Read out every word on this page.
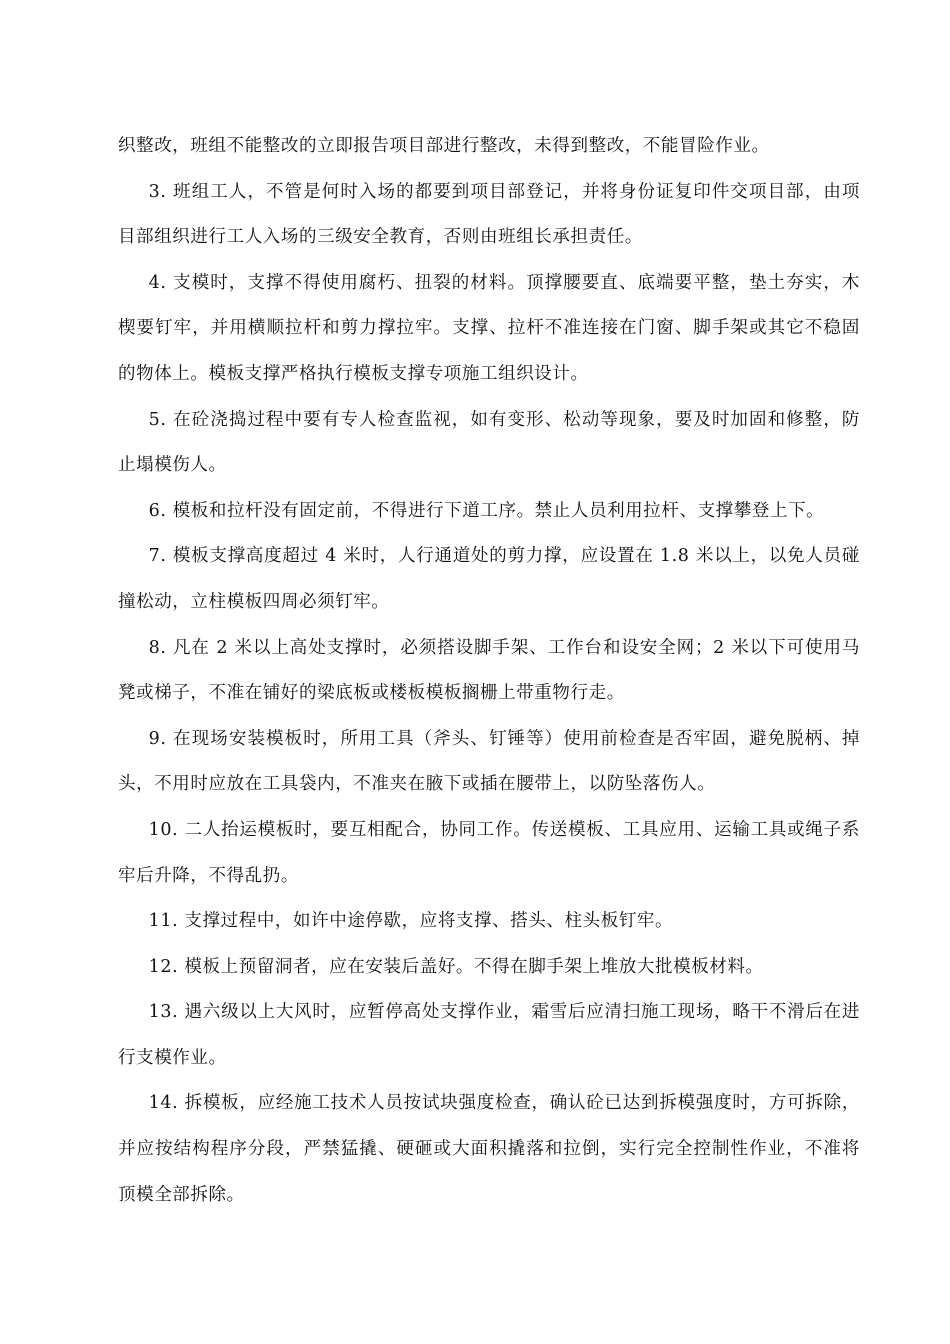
织整改，班组不能整改的立即报告项目部进行整改，未得到整改，不能冒险作业。

3. 班组工人，不管是何时入场的都要到项目部登记，并将身份证复印件交项目部，由项目部组织进行工人入场的三级安全教育，否则由班组长承担责任。

4. 支模时，支撑不得使用腐朽、扭裂的材料。顶撑腰要直、底端要平整，垫土夯实，木楔要钉牢，并用横顺拉杆和剪力撑拉牢。支撑、拉杆不准连接在门窗、脚手架或其它不稳固的物体上。模板支撑严格执行模板支撑专项施工组织设计。

5. 在砼浇捣过程中要有专人检查监视，如有变形、松动等现象，要及时加固和修整，防止塌模伤人。

6. 模板和拉杆没有固定前，不得进行下道工序。禁止人员利用拉杆、支撑攀登上下。

7. 模板支撑高度超过 4 米时，人行通道处的剪力撑，应设置在 1.8 米以上，以免人员碰撞松动，立柱模板四周必须钉牢。

8. 凡在 2 米以上高处支撑时，必须搭设脚手架、工作台和设安全网；2 米以下可使用马凳或梯子，不准在铺好的梁底板或楼板模板搁栅上带重物行走。

9. 在现场安装模板时，所用工具（斧头、钉锤等）使用前检查是否牢固，避免脱柄、掉头，不用时应放在工具袋内，不准夹在腋下或插在腰带上，以防坠落伤人。

10. 二人抬运模板时，要互相配合，协同工作。传送模板、工具应用、运输工具或绳子系牢后升降，不得乱扔。

11. 支撑过程中，如许中途停歇，应将支撑、搭头、柱头板钉牢。

12. 模板上预留洞者，应在安装后盖好。不得在脚手架上堆放大批模板材料。

13. 遇六级以上大风时，应暂停高处支撑作业，霜雪后应清扫施工现场，略干不滑后在进行支模作业。

14. 拆模板，应经施工技术人员按试块强度检查，确认砼已达到拆模强度时，方可拆除，并应按结构程序分段，严禁猛撬、硬砸或大面积撬落和拉倒，实行完全控制性作业，不准将顶模全部拆除。
